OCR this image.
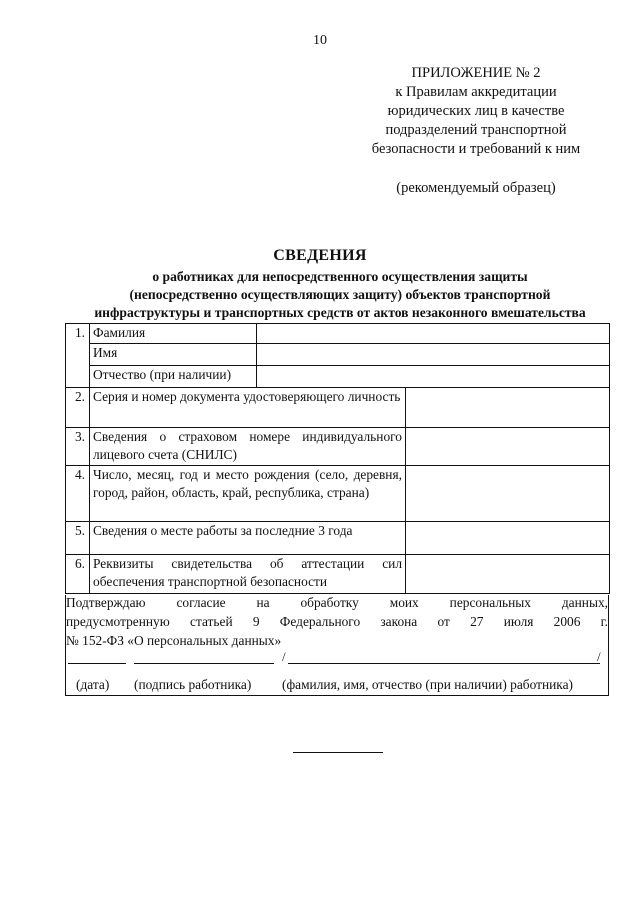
10
ПРИЛОЖЕНИЕ № 2
к Правилам аккредитации
юридических лиц в качестве
подразделений транспортной
безопасности и требований к ним
(рекомендуемый образец)
СВЕДЕНИЯ
о работниках для непосредственного осуществления защиты
(непосредственно осуществляющих защиту) объектов транспортной
инфраструктуры и транспортных средств от актов незаконного вмешательства
1.	Фамилия		
	Имя		
	Отчество (при наличии)		
2.	Серия и номер документа удостоверяющего личность		
3.	Сведения о страховом номере индивидуального лицевого счета (СНИЛС)		
4.	Число, месяц, год и место рождения (село, деревня, город, район, область, край, республика, страна)		
5.	Сведения о месте работы за последние 3 года		
6.	Реквизиты свидетельства об аттестации сил обеспечения транспортной безопасности		
Подтверждаю согласие на обработку моих персональных данных,
предусмотренную статьей 9 Федерального закона от 27 июля 2006 г.
№ 152-ФЗ «О персональных данных»
/	/
(дата) (подпись работника) (фамилия, имя, отчество (при наличии) работника)
